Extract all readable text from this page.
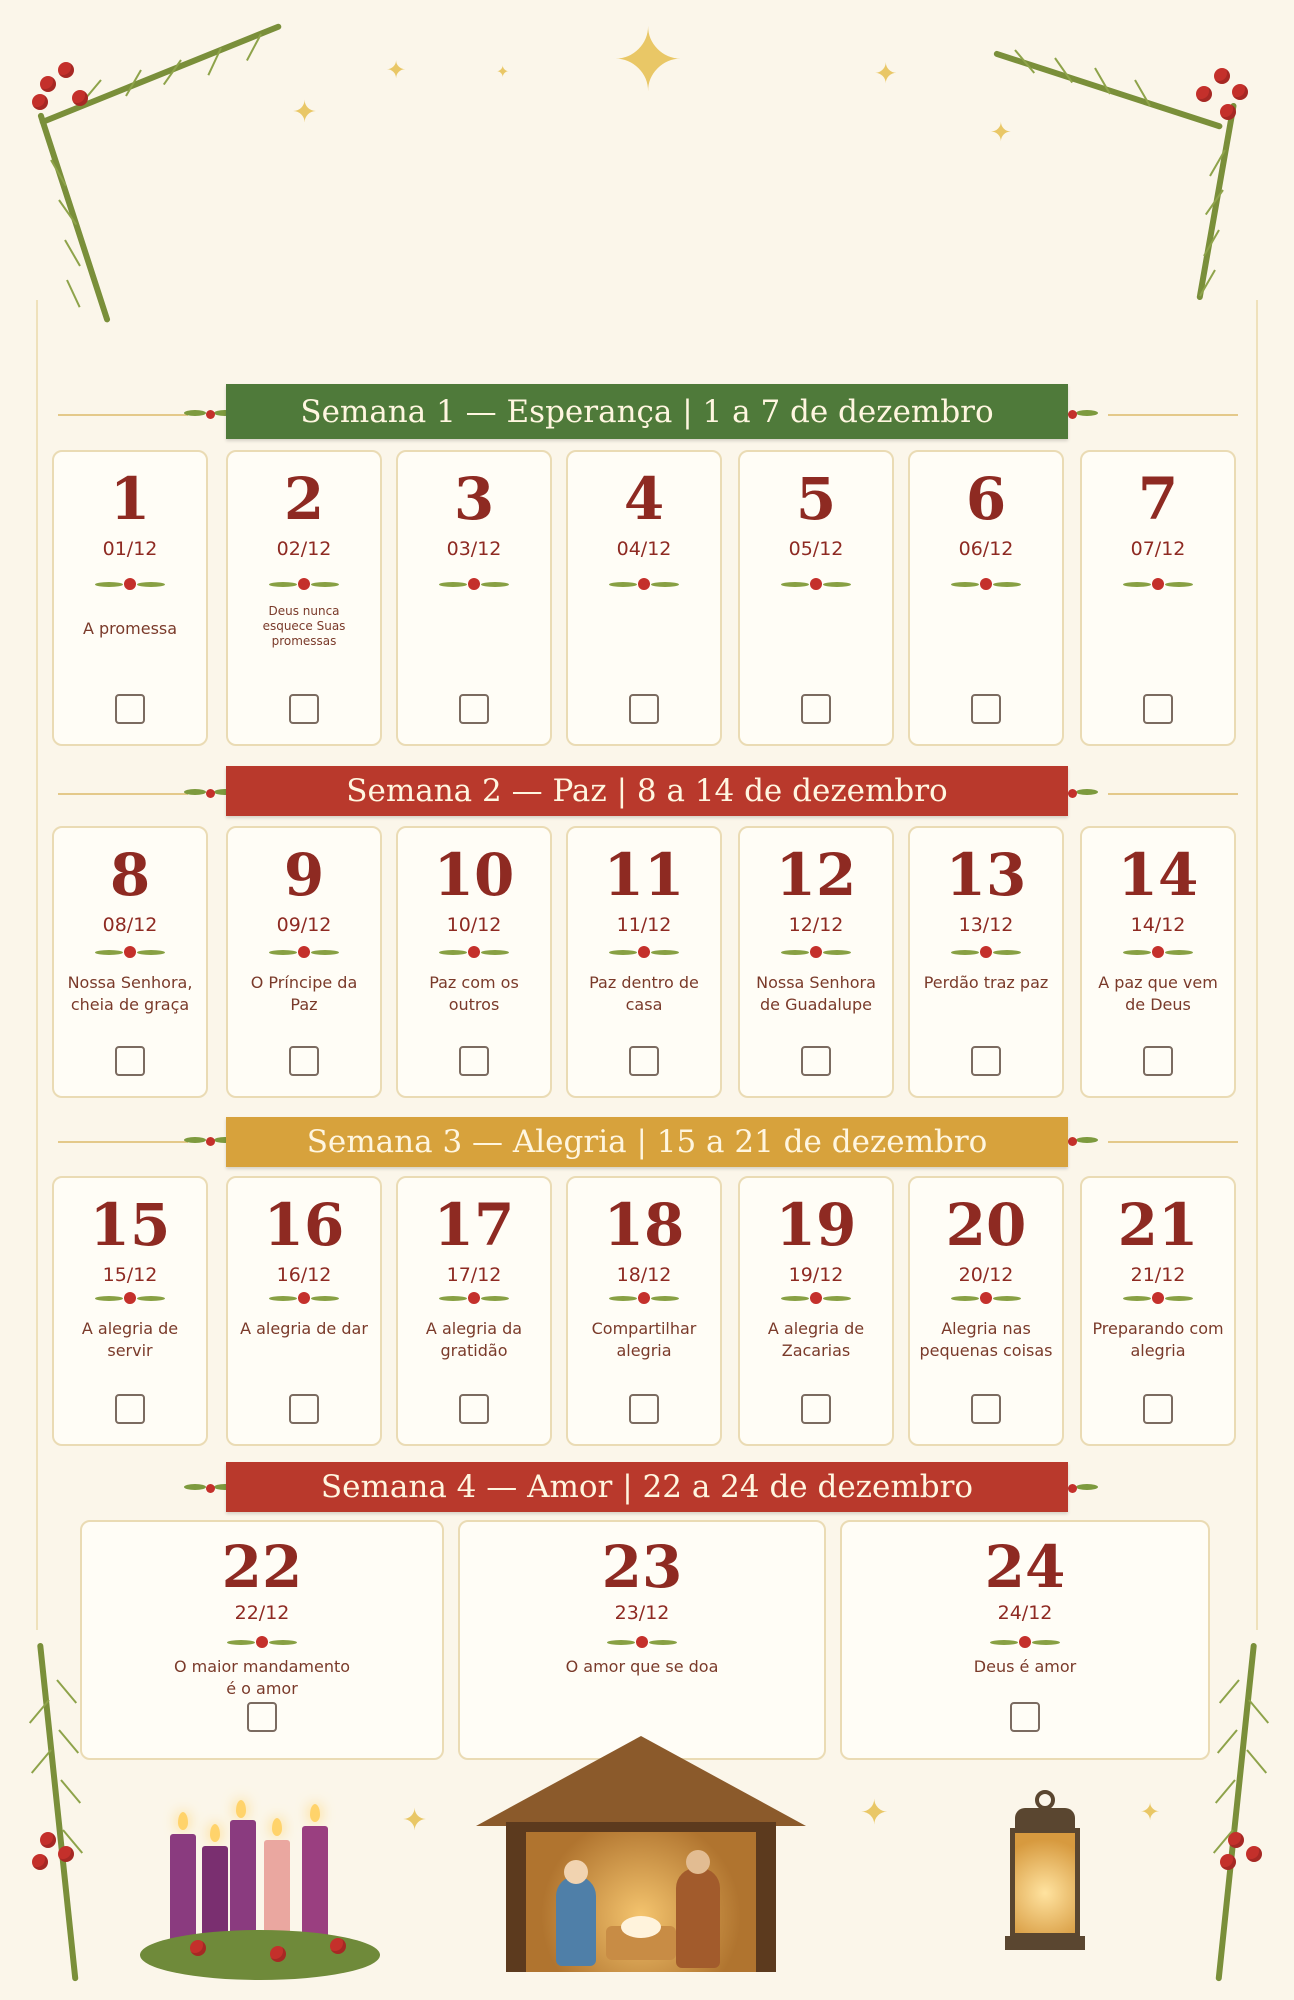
✦
✦
✦
✦
✦
✦
Semana 1 — Esperança | 1 a 7 de dezembro
1
01/12
A promessa
2
02/12
Deus nunca esquece Suas promessas
3
03/12
4
04/12
5
05/12
6
06/12
7
07/12
Semana 2 — Paz | 8 a 14 de dezembro
8
08/12
Nossa Senhora, cheia de graça
9
09/12
O Príncipe da Paz
10
10/12
Paz com os outros
11
11/12
Paz dentro de casa
12
12/12
Nossa Senhora de Guadalupe
13
13/12
Perdão traz paz
14
14/12
A paz que vem de Deus
Semana 3 — Alegria | 15 a 21 de dezembro
15
15/12
A alegria de servir
16
16/12
A alegria de dar
17
17/12
A alegria da gratidão
18
18/12
Compartilhar alegria
19
19/12
A alegria de Zacarias
20
20/12
Alegria nas pequenas coisas
21
21/12
Preparando com alegria
Semana 4 — Amor | 22 a 24 de dezembro
22
22/12
O maior mandamento é o amor
23
23/12
O amor que se doa
24
24/12
Deus é amor
✦	✦	✦
